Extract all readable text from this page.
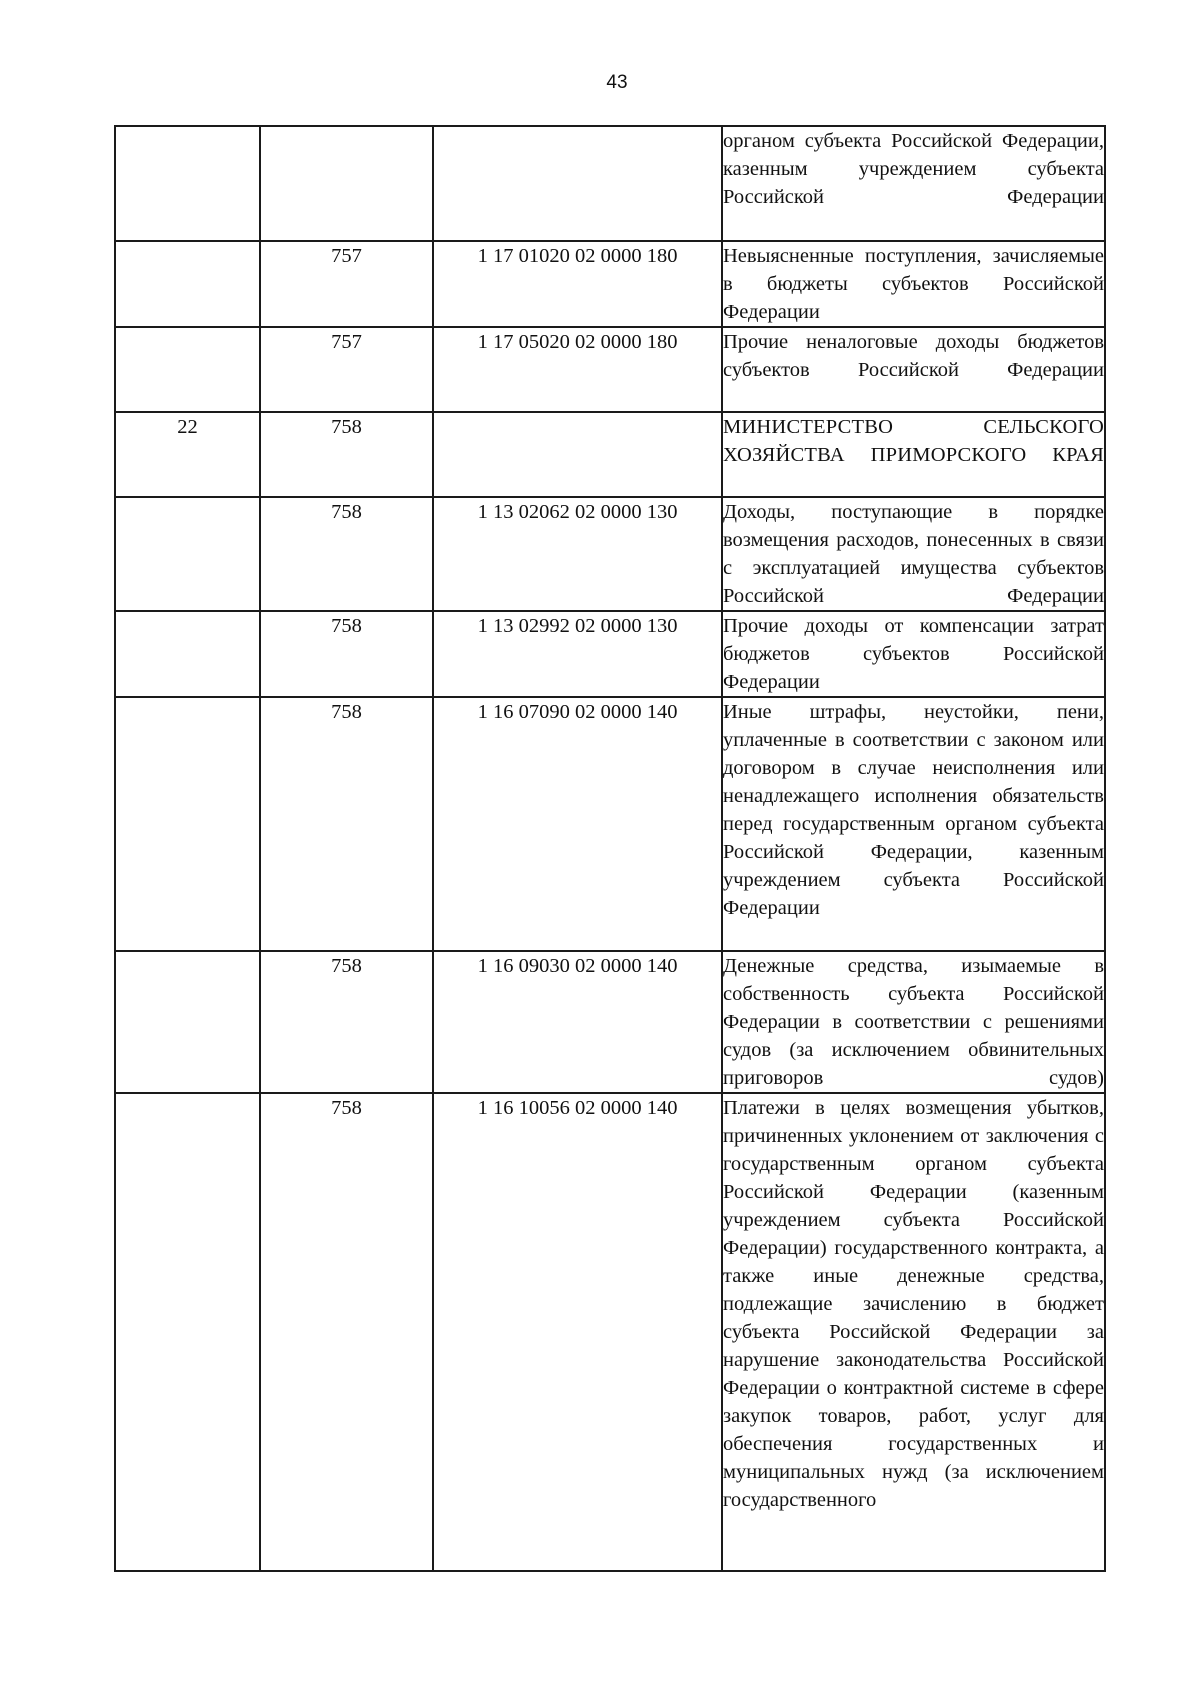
43
			органом субъекта Российской Федерации, казенным учреждением субъекта Российской Федерации
	757	1 17 01020 02 0000 180	Невыясненные поступления, зачисляемые в бюджеты субъектов Российской Федерации
	757	1 17 05020 02 0000 180	Прочие неналоговые доходы бюджетов субъектов Российской Федерации
22	758		МИНИСТЕРСТВО СЕЛЬСКОГО ХОЗЯЙСТВА ПРИМОРСКОГО КРАЯ
	758	1 13 02062 02 0000 130	Доходы, поступающие в порядке возмещения расходов, понесенных в связи с эксплуатацией имущества субъектов Российской Федерации
	758	1 13 02992 02 0000 130	Прочие доходы от компенсации затрат бюджетов субъектов Российской Федерации
	758	1 16 07090 02 0000 140	Иные штрафы, неустойки, пени, уплаченные в соответствии с законом или договором в случае неисполнения или ненадлежащего исполнения обязательств перед государственным органом субъекта Российской Федерации, казенным учреждением субъекта Российской Федерации
	758	1 16 09030 02 0000 140	Денежные средства, изымаемые в собственность субъекта Российской Федерации в соответствии с решениями судов (за исключением обвинительных приговоров судов)
	758	1 16 10056 02 0000 140	Платежи в целях возмещения убытков, причиненных уклонением от заключения с государственным органом субъекта Российской Федерации (казенным учреждением субъекта Российской Федерации) государственного контракта, а также иные денежные средства, подлежащие зачислению в бюджет субъекта Российской Федерации за нарушение законодательства Российской Федерации о контрактной системе в сфере закупок товаров, работ, услуг для обеспечения государственных и муниципальных нужд (за исключением государственного
